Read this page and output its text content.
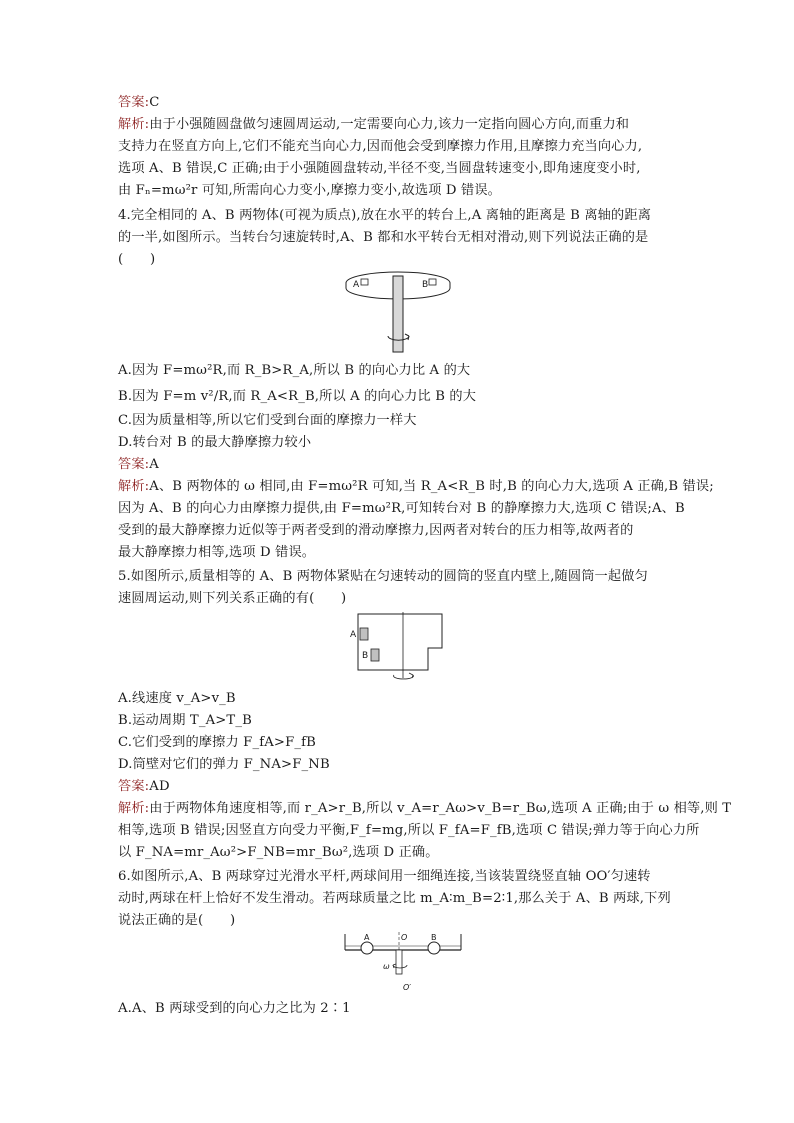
答案:C
解析:由于小强随圆盘做匀速圆周运动,一定需要向心力,该力一定指向圆心方向,而重力和
支持力在竖直方向上,它们不能充当向心力,因而他会受到摩擦力作用,且摩擦力充当向心力,
选项 A、B 错误,C 正确;由于小强随圆盘转动,半径不变,当圆盘转速变小,即角速度变小时,
由 Fₙ=mω²r 可知,所需向心力变小,摩擦力变小,故选项 D 错误。
4.完全相同的 A、B 两物体(可视为质点),放在水平的转台上,A 离轴的距离是 B 离轴的距离
的一半,如图所示。当转台匀速旋转时,A、B 都和水平转台无相对滑动,则下列说法正确的是
(　　)
A	B
A.因为 F=mω²R,而 R_B>R_A,所以 B 的向心力比 A 的大
B.因为 F=m v²/R,而 R_A<R_B,所以 A 的向心力比 B 的大
C.因为质量相等,所以它们受到台面的摩擦力一样大
D.转台对 B 的最大静摩擦力较小
答案:A
解析:A、B 两物体的 ω 相同,由 F=mω²R 可知,当 R_A<R_B 时,B 的向心力大,选项 A 正确,B 错误;
因为 A、B 的向心力由摩擦力提供,由 F=mω²R,可知转台对 B 的静摩擦力大,选项 C 错误;A、B
受到的最大静摩擦力近似等于两者受到的滑动摩擦力,因两者对转台的压力相等,故两者的
最大静摩擦力相等,选项 D 错误。
5.如图所示,质量相等的 A、B 两物体紧贴在匀速转动的圆筒的竖直内壁上,随圆筒一起做匀
速圆周运动,则下列关系正确的有(　　)
A
B
A.线速度 v_A>v_B
B.运动周期 T_A>T_B
C.它们受到的摩擦力 F_fA>F_fB
D.筒壁对它们的弹力 F_NA>F_NB
答案:AD
解析:由于两物体角速度相等,而 r_A>r_B,所以 v_A=r_Aω>v_B=r_Bω,选项 A 正确;由于 ω 相等,则 T
相等,选项 B 错误;因竖直方向受力平衡,F_f=mg,所以 F_fA=F_fB,选项 C 错误;弹力等于向心力所
以 F_NA=mr_Aω²>F_NB=mr_Bω²,选项 D 正确。
6.如图所示,A、B 两球穿过光滑水平杆,两球间用一细绳连接,当该装置绕竖直轴 OO′匀速转
动时,两球在杆上恰好不发生滑动。若两球质量之比 m_A∶m_B=2∶1,那么关于 A、B 两球,下列
说法正确的是(　　)
A	O	B
ω
O′
A.A、B 两球受到的向心力之比为 2∶1
